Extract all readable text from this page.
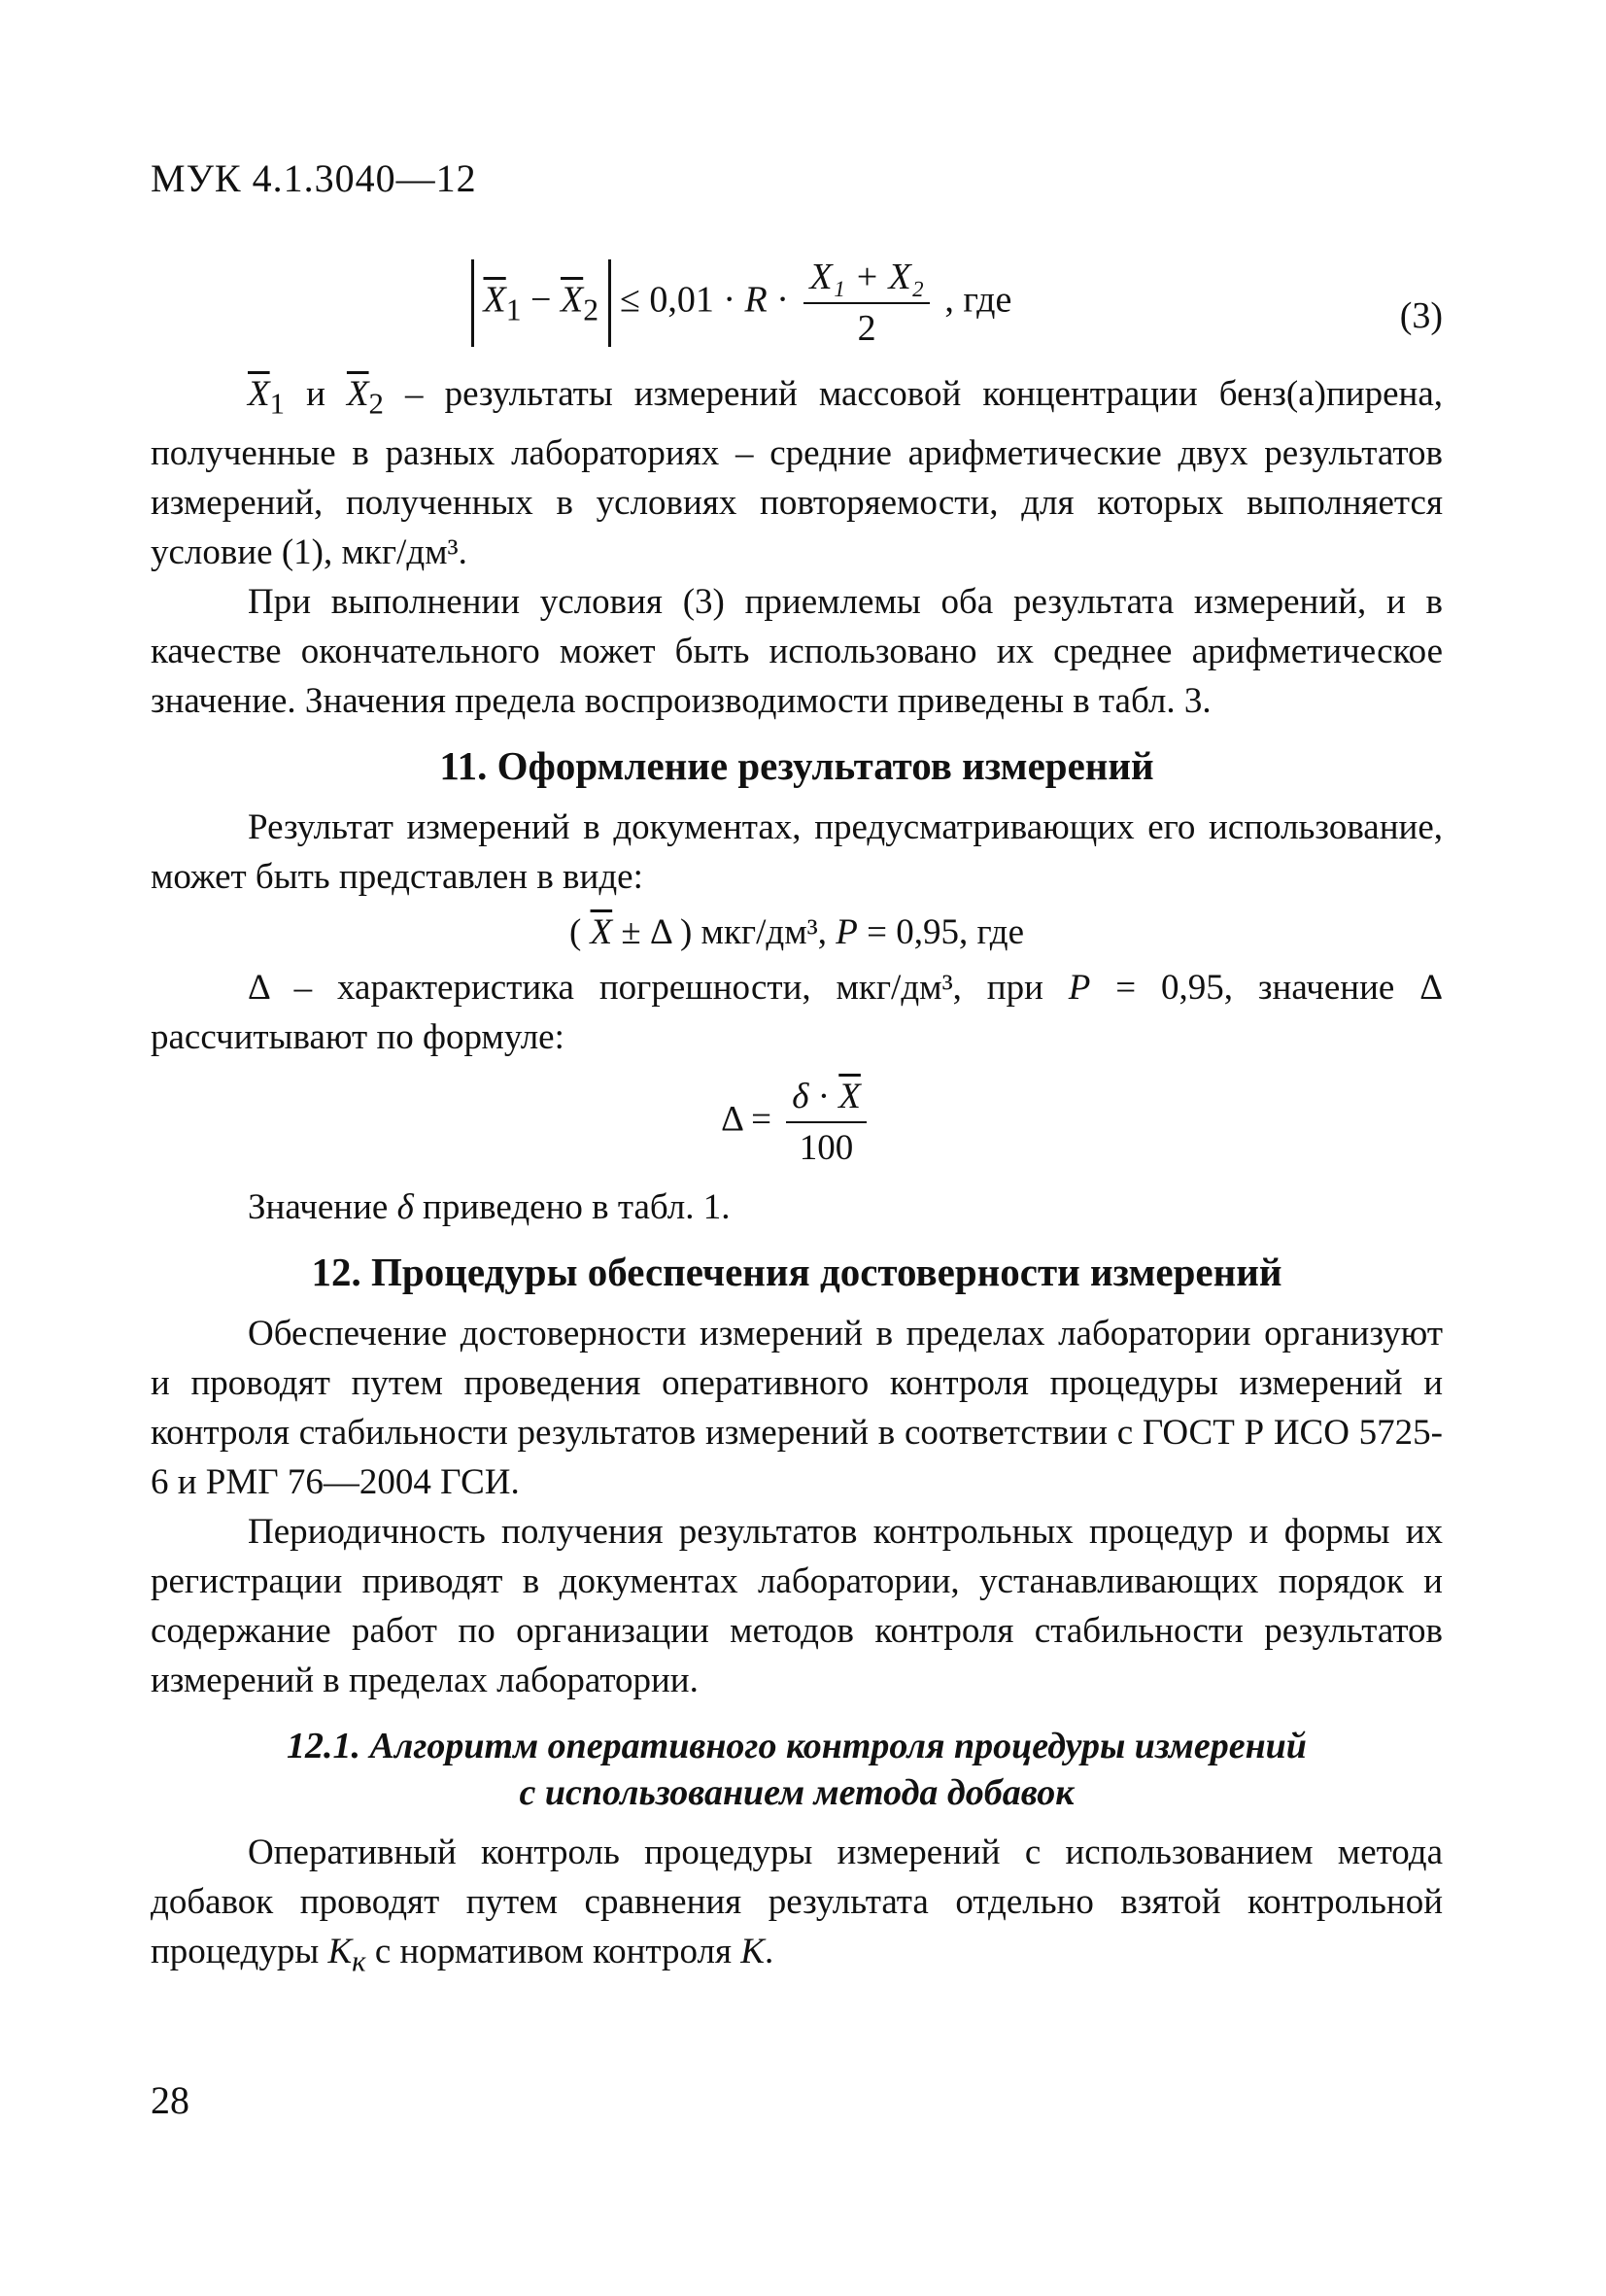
МУК 4.1.3040—12
$\overline{X}_1 - \overline{X}_2 \le 0,01 \cdot R \cdot \frac{\text{X₁ + X₂}}{2}$ , где	(3)

$\overline{X}_1$ и $\overline{X}_2$ – результаты измерений массовой концентрации бенз(а)пирена, полученные в разных лабораториях – средние арифметические двух результатов измерений, полученных в условиях повторяемости, для которых выполняется условие (1), мкг/дм³.

При выполнении условия (3) приемлемы оба результата измерений, и в качестве окончательного может быть использовано их среднее арифметическое значение. Значения предела воспроизводимости приведены в табл. 3.

11. Оформление результатов измерений

Результат измерений в документах, предусматривающих его использование, может быть представлен в виде:

( $\overline{X} \pm \Delta$ ) мкг/дм³, P = 0,95, где

Δ – характеристика погрешности, мкг/дм³, при P = 0,95, значение Δ рассчитывают по формуле:

$\Delta = \frac{\delta \cdot \overline{X}}{100}$

Значение δ приведено в табл. 1.

12. Процедуры обеспечения достоверности измерений

Обеспечение достоверности измерений в пределах лаборатории организуют и проводят путем проведения оперативного контроля процедуры измерений и контроля стабильности результатов измерений в соответствии с ГОСТ Р ИСО 5725-6 и РМГ 76—2004 ГСИ.

Периодичность получения результатов контрольных процедур и формы их регистрации приводят в документах лаборатории, устанавливающих порядок и содержание работ по организации методов контроля стабильности результатов измерений в пределах лаборатории.

12.1. Алгоритм оперативного контроля процедуры измерений
с использованием метода добавок

Оперативный контроль процедуры измерений с использованием метода добавок проводят путем сравнения результата отдельно взятой контрольной процедуры $K_к$ с нормативом контроля K.

28
